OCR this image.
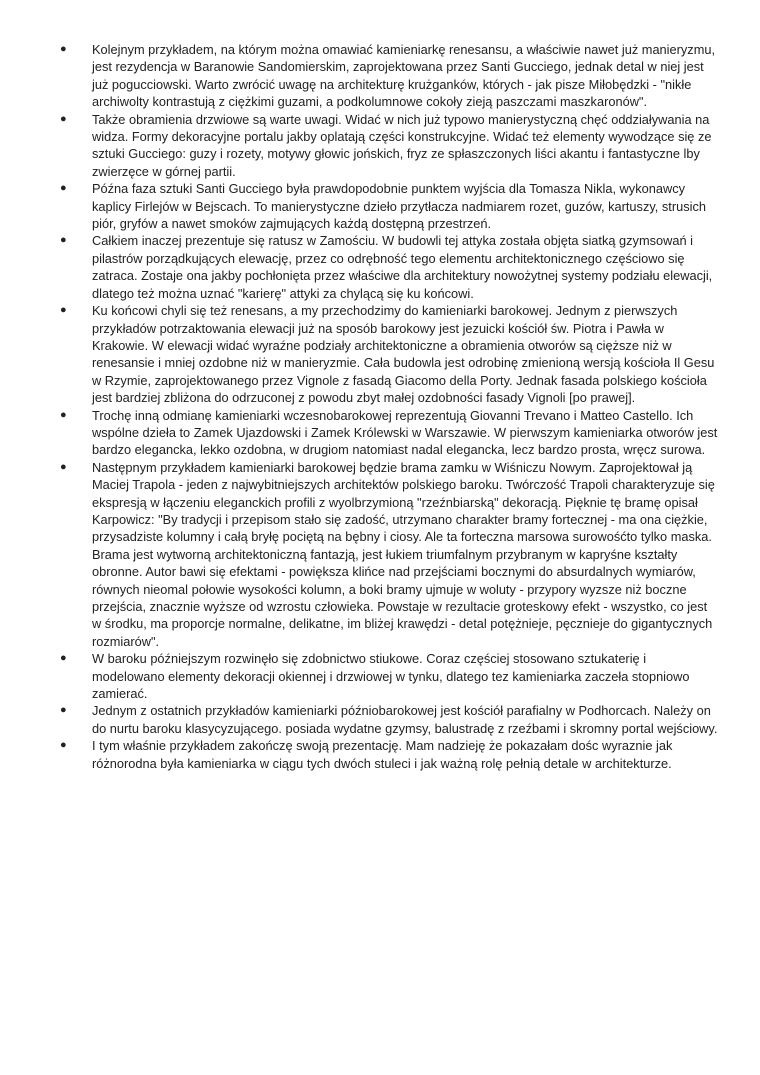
●	Kolejnym przykładem, na którym można omawiać kamieniarkę renesansu, a właściwie nawet już manieryzmu, jest rezydencja w Baranowie Sandomierskim, zaprojektowana przez Santi Gucciego, jednak detal w niej jest już pogucciowski. Warto zwrócić uwagę na architekturę krużganków, których - jak pisze Miłobędzki - "nikłe archiwolty kontrastują z ciężkimi guzami, a podkolumnowe cokoły zieją paszczami maszkaronów".
●	Także obramienia drzwiowe są warte uwagi. Widać w nich już typowo manierystyczną chęć oddziaływania na widza. Formy dekoracyjne portalu jakby oplatają części konstrukcyjne. Widać też elementy wywodzące się ze sztuki Gucciego: guzy i rozety, motywy głowic jońskich, fryz ze spłaszczonych liści akantu i fantastyczne lby zwierzęce w górnej partii.
●	Późna faza sztuki Santi Gucciego była prawdopodobnie punktem wyjścia dla Tomasza Nikla, wykonawcy kaplicy Firlejów w Bejscach. To manierystyczne dzieło przytłacza nadmiarem rozet, guzów, kartuszy, strusich piór, gryfów a nawet smoków zajmujących każdą dostępną przestrzeń.
●	Całkiem inaczej prezentuje się ratusz w Zamościu. W budowli tej attyka została objęta siatką gzymsowań i pilastrów porządkujących elewację, przez co odrębność tego elementu architektonicznego częściowo się zatraca. Zostaje ona jakby pochłonięta przez właściwe dla architektury nowożytnej systemy podziału elewacji, dlatego też można uznać "karierę" attyki za chylącą się ku końcowi.
●	Ku końcowi chyli się też renesans, a my przechodzimy do kamieniarki barokowej. Jednym z pierwszych przykładów potrzaktowania elewacji już na sposób barokowy jest jezuicki kościół św. Piotra i Pawła w Krakowie. W elewacji widać wyraźne podziały architektoniczne a obramienia otworów są cięższe niż w renesansie i mniej ozdobne niż w manieryzmie. Cała budowla jest odrobinę zmienioną wersją kościoła Il Gesu w Rzymie, zaprojektowanego przez Vignole z fasadą Giacomo della Porty. Jednak fasada polskiego kościoła jest bardziej zbliżona do odrzuconej z powodu zbyt małej ozdobności fasady Vignoli [po prawej].
●	Trochę inną odmianę kamieniarki wczesnobarokowej reprezentują Giovanni Trevano i Matteo Castello. Ich wspólne dzieła to Zamek Ujazdowski i Zamek Królewski w Warszawie. W pierwszym kamieniarka otworów jest bardzo elegancka, lekko ozdobna, w drugiom natomiast nadal elegancka, lecz bardzo prosta, wręcz surowa.
●	Następnym przykładem kamieniarki barokowej będzie brama zamku w Wiśniczu Nowym. Zaprojektował ją Maciej Trapola - jeden z najwybitniejszych architektów polskiego baroku. Twórczość Trapoli charakteryzuje się ekspresją w łączeniu eleganckich profili z wyolbrzymioną "rzeźnbiarską" dekoracją. Pięknie tę bramę opisał Karpowicz: "By tradycji i przepisom stało się zadość, utrzymano charakter bramy fortecznej - ma ona ciężkie, przysadziste kolumny i całą bryłę pociętą na bębny i ciosy. Ale ta forteczna marsowa surowośćto tylko maska. Brama jest wytworną architektoniczną fantazją, jest łukiem triumfalnym przybranym w kapryśne kształty obronne. Autor bawi się efektami - powiększa klińce nad przejściami bocznymi do absurdalnych wymiarów, równych nieomal połowie wysokości kolumn, a boki bramy ujmuje w woluty - przypory wyzsze niż boczne przejścia, znacznie wyższe od wzrostu człowieka. Powstaje w rezultacie groteskowy efekt - wszystko, co jest w środku, ma proporcje normalne, delikatne, im bliżej krawędzi - detal potężnieje, pęcznieje do gigantycznych rozmiarów".
●	W baroku późniejszym rozwinęło się zdobnictwo stiukowe. Coraz częściej stosowano sztukaterię i modelowano elementy dekoracji okiennej i drzwiowej w tynku, dlatego tez kamieniarka zaczeła stopniowo zamierać.
●	Jednym z ostatnich przykładów kamieniarki późniobarokowej jest kościół parafialny w Podhorcach. Należy on do nurtu baroku klasycyzującego. posiada wydatne gzymsy, balustradę z rzeźbami i skromny portal wejściowy.
●	I tym właśnie przykładem zakończę swoją prezentację. Mam nadzieję że pokazałam dośc wyraznie jak różnorodna była kamieniarka w ciągu tych dwóch stuleci i jak ważną rolę pełnią detale w architekturze.
